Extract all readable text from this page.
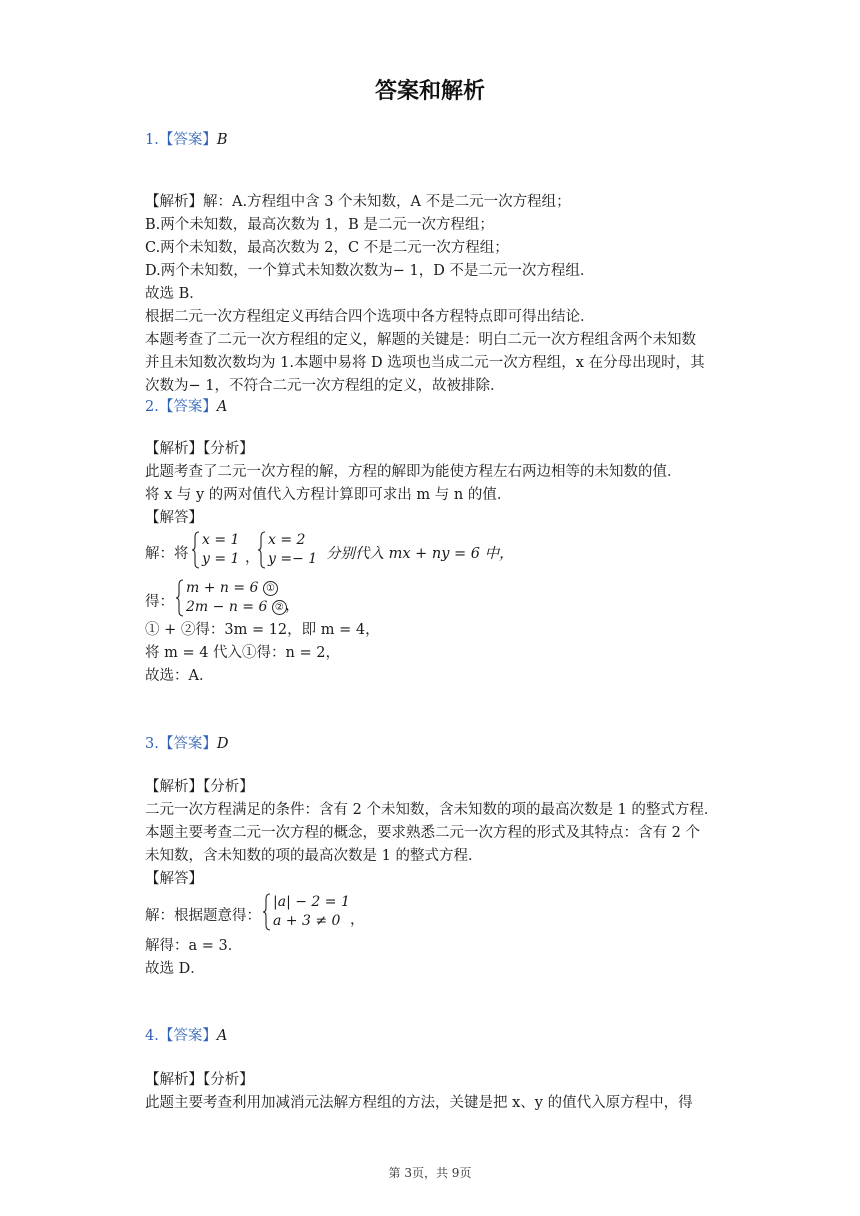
答案和解析
1.【答案】B
【解析】解：A.方程组中含 3 个未知数，A 不是二元一次方程组；
B.两个未知数，最高次数为 1，B 是二元一次方程组；
C.两个未知数，最高次数为 2，C 不是二元一次方程组；
D.两个未知数，一个算式未知数次数为− 1，D 不是二元一次方程组．
故选 B．
根据二元一次方程组定义再结合四个选项中各方程特点即可得出结论．
本题考查了二元一次方程组的定义，解题的关键是：明白二元一次方程组含两个未知数
并且未知数次数均为 1.本题中易将 D 选项也当成二元一次方程组，x 在分母出现时，其
次数为− 1，不符合二元一次方程组的定义，故被排除．
2.【答案】A
【解析】【分析】
此题考查了二元一次方程的解，方程的解即为能使方程左右两边相等的未知数的值．
将 x 与 y 的两对值代入方程计算即可求出 m 与 n 的值．
【解答】
解：将
x = 1
y = 1 ，
x = 2
y =− 1 分别代入 mx + ny = 6 中，
得：
m + n = 6 ①
2m − n = 6 ② ，
① + ②得：3m = 12，即 m = 4，
将 m = 4 代入①得：n = 2，
故选：A．
3.【答案】D
【解析】【分析】
二元一次方程满足的条件：含有 2 个未知数，含未知数的项的最高次数是 1 的整式方程．
本题主要考查二元一次方程的概念，要求熟悉二元一次方程的形式及其特点：含有 2 个
未知数，含未知数的项的最高次数是 1 的整式方程．
【解答】
解：根据题意得：
|a| − 2 = 1
a + 3 ≠ 0 ，
解得：a = 3．
故选 D．
4.【答案】A
【解析】【分析】
此题主要考查利用加减消元法解方程组的方法，关键是把 x、y 的值代入原方程中，得
第 3页，共 9页
